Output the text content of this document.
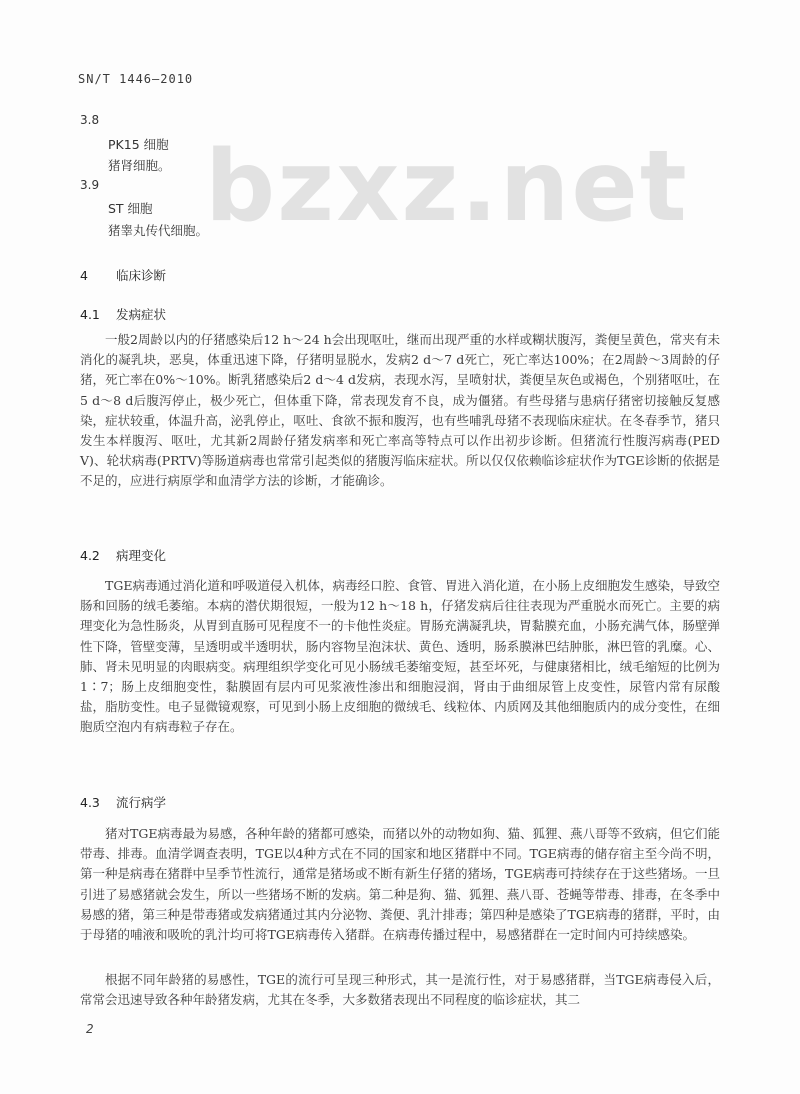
SN/T 1446—2010
bzxz.net
3.8
PK15 细胞
猪肾细胞。
3.9
ST 细胞
猪睾丸传代细胞。
4 临床诊断
4.1 发病症状
一般2周龄以内的仔猪感染后12 h～24 h会出现呕吐，继而出现严重的水样或糊状腹泻，粪便呈黄色，常夹有未消化的凝乳块，恶臭，体重迅速下降，仔猪明显脱水，发病2 d～7 d死亡，死亡率达100%；在2周龄～3周龄的仔猪，死亡率在0%～10%。断乳猪感染后2 d～4 d发病，表现水泻，呈喷射状，粪便呈灰色或褐色，个别猪呕吐，在5 d～8 d后腹泻停止，极少死亡，但体重下降，常表现发育不良，成为僵猪。有些母猪与患病仔猪密切接触反复感染，症状较重，体温升高，泌乳停止，呕吐、食欲不振和腹泻，也有些哺乳母猪不表现临床症状。在冬春季节，猪只发生本样腹泻、呕吐，尤其新2周龄仔猪发病率和死亡率高等特点可以作出初步诊断。但猪流行性腹泻病毒(PEDV)、轮状病毒(PRTV)等肠道病毒也常常引起类似的猪腹泻临床症状。所以仅仅依赖临诊症状作为TGE诊断的依据是不足的，应进行病原学和血清学方法的诊断，才能确诊。
4.2 病理变化
TGE病毒通过消化道和呼吸道侵入机体，病毒经口腔、食管、胃进入消化道，在小肠上皮细胞发生感染，导致空肠和回肠的绒毛萎缩。本病的潜伏期很短，一般为12 h～18 h，仔猪发病后往往表现为严重脱水而死亡。主要的病理变化为急性肠炎，从胃到直肠可见程度不一的卡他性炎症。胃肠充满凝乳块，胃黏膜充血，小肠充满气体，肠壁弹性下降，管壁变薄，呈透明或半透明状，肠内容物呈泡沫状、黄色、透明，肠系膜淋巴结肿胀，淋巴管的乳糜。心、肺、肾未见明显的肉眼病变。病理组织学变化可见小肠绒毛萎缩变短，甚至坏死，与健康猪相比，绒毛缩短的比例为1∶7；肠上皮细胞变性，黏膜固有层内可见浆液性渗出和细胞浸润，肾由于曲细尿管上皮变性，尿管内常有尿酸盐，脂肪变性。电子显微镜观察，可见到小肠上皮细胞的微绒毛、线粒体、内质网及其他细胞质内的成分变性，在细胞质空泡内有病毒粒子存在。
4.3 流行病学
猪对TGE病毒最为易感，各种年龄的猪都可感染，而猪以外的动物如狗、猫、狐狸、燕八哥等不致病，但它们能带毒、排毒。血清学调查表明，TGE以4种方式在不同的国家和地区猪群中不同。TGE病毒的储存宿主至今尚不明，第一种是病毒在猪群中呈季节性流行，通常是猪场或不断有新生仔猪的猪场，TGE病毒可持续存在于这些猪场。一旦引进了易感猪就会发生，所以一些猪场不断的发病。第二种是狗、猫、狐狸、燕八哥、苍蝇等带毒、排毒，在冬季中易感的猪，第三种是带毒猪或发病猪通过其内分泌物、粪便、乳汁排毒；第四种是感染了TGE病毒的猪群，平时，由于母猪的哺液和吸吮的乳汁均可将TGE病毒传入猪群。在病毒传播过程中，易感猪群在一定时间内可持续感染。
根据不同年龄猪的易感性，TGE的流行可呈现三种形式，其一是流行性，对于易感猪群，当TGE病毒侵入后，常常会迅速导致各种年龄猪发病，尤其在冬季，大多数猪表现出不同程度的临诊症状，其二
2
